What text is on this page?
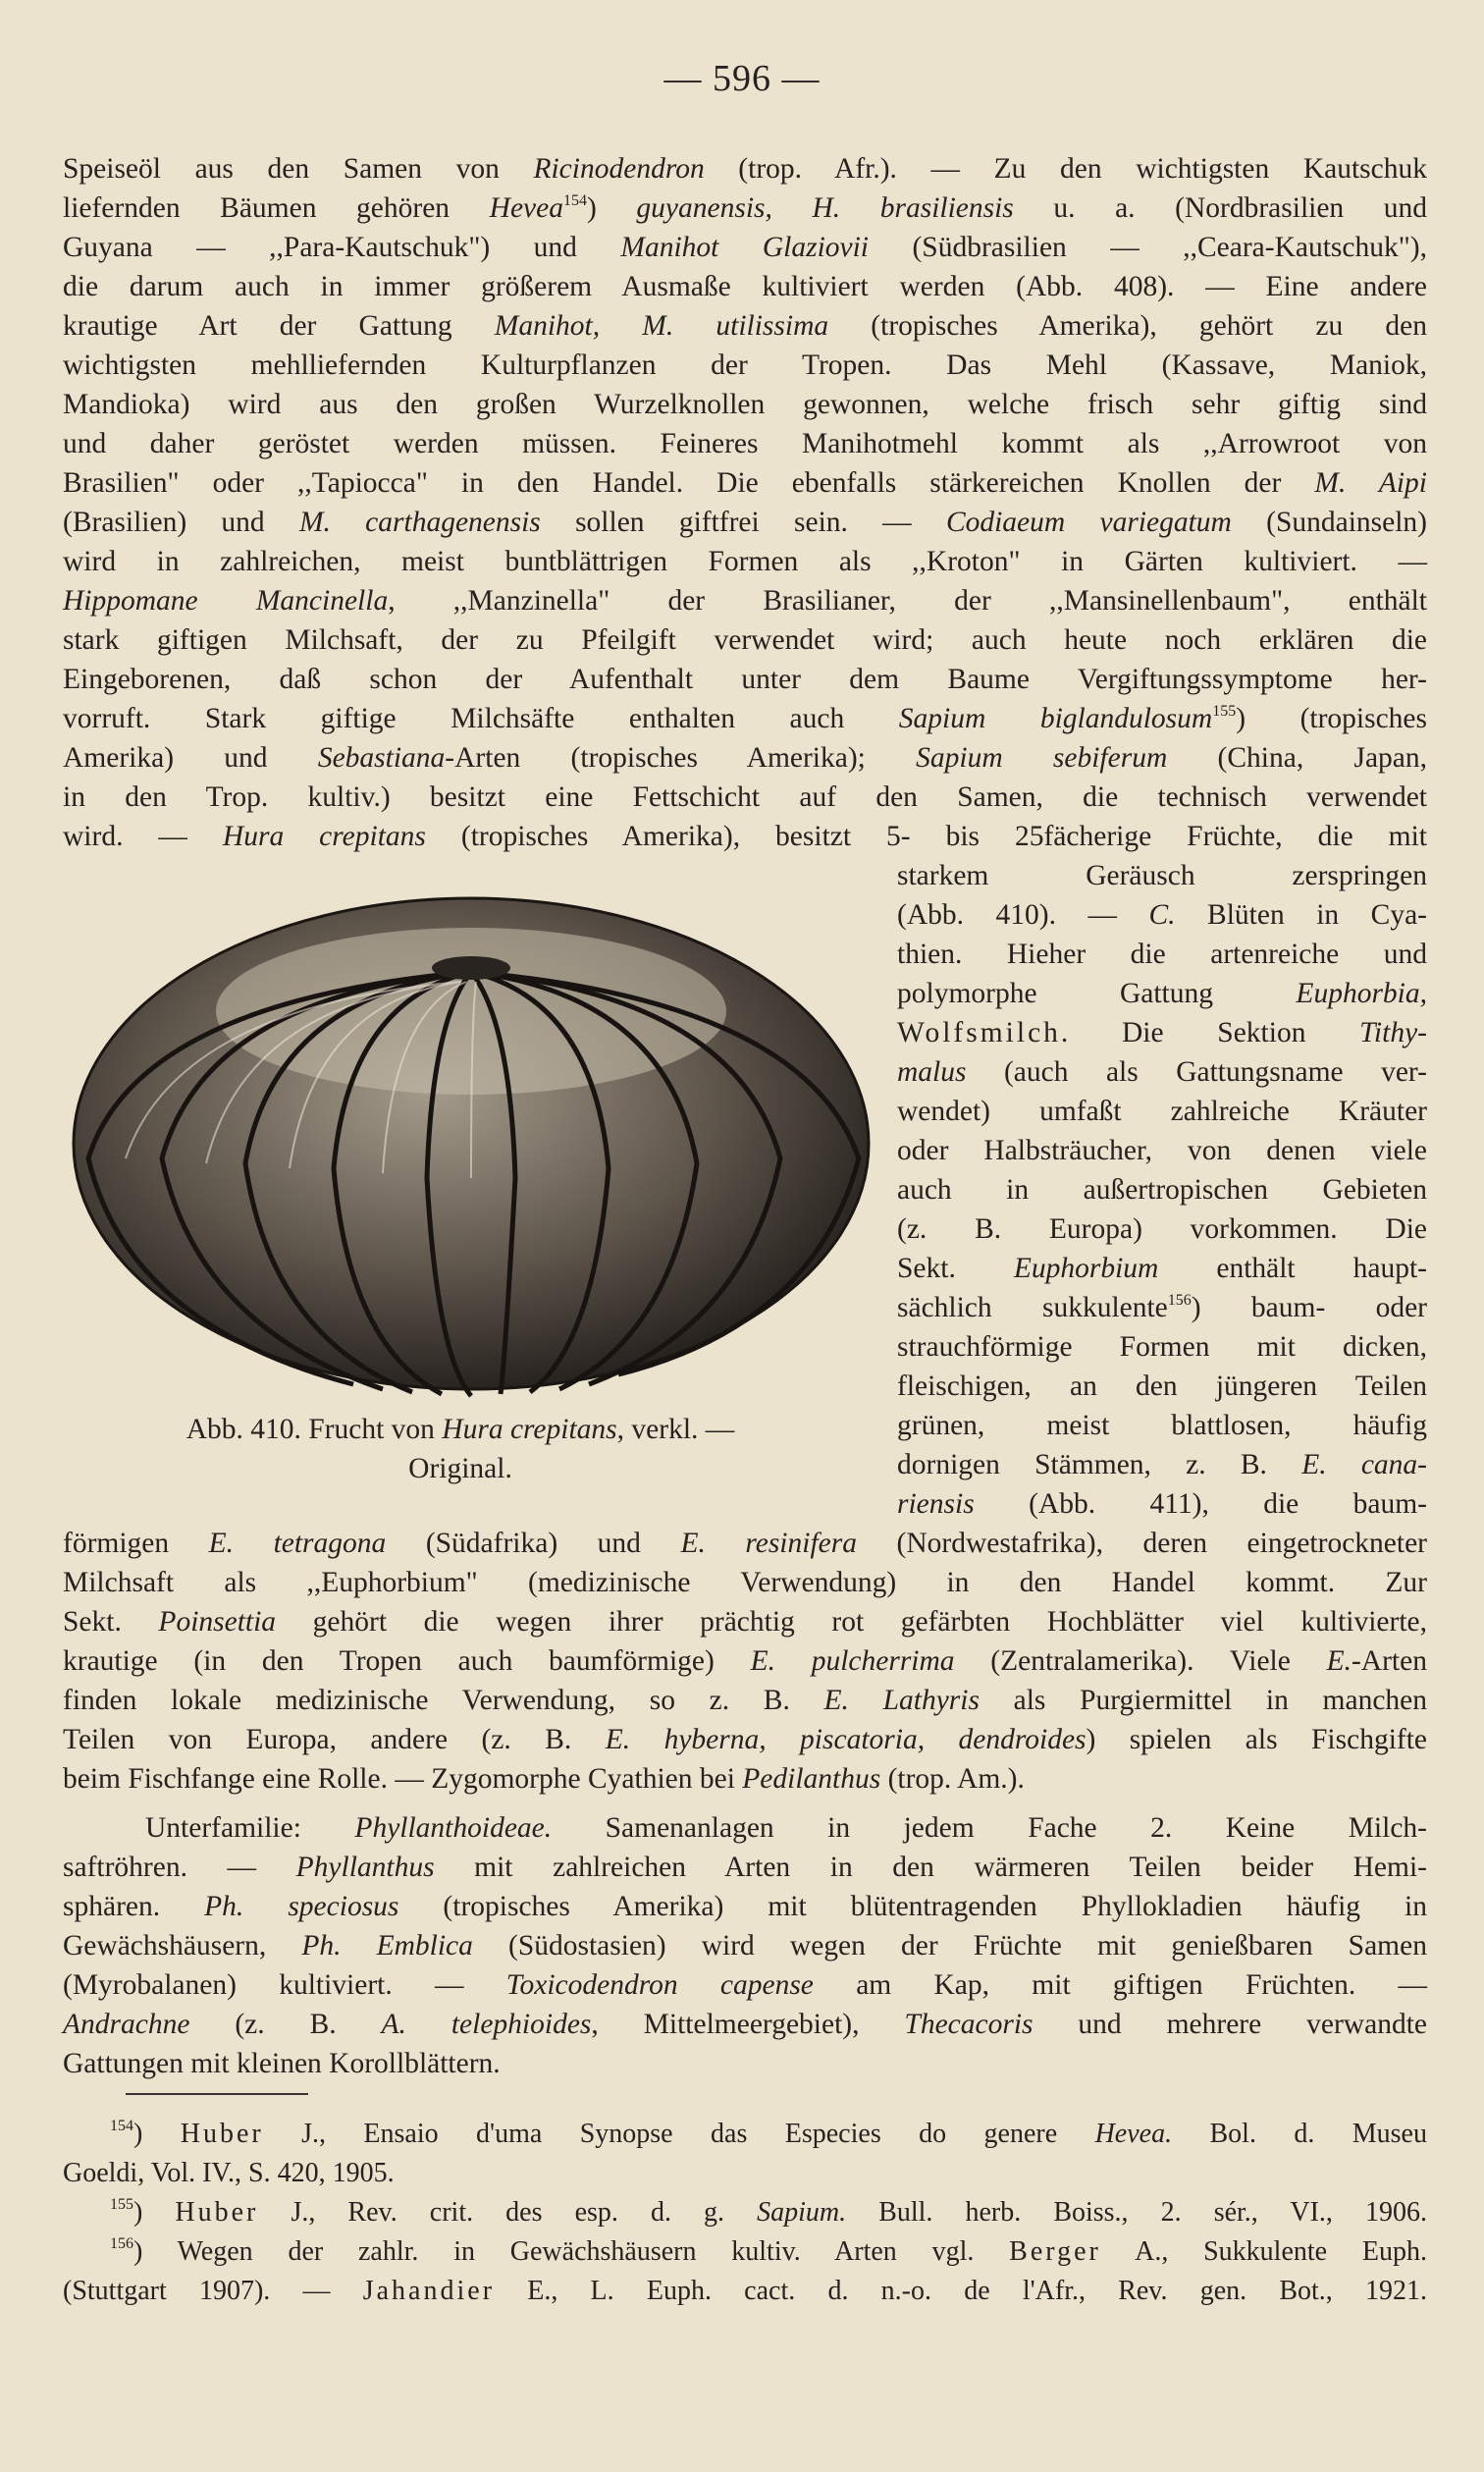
— 596 —
Speiseöl aus den Samen von Ricinodendron (trop. Afr.). — Zu den wichtigsten Kautschuk
liefernden Bäumen gehören Hevea$^{154}$) guyanensis, H. brasiliensis u. a. (Nordbrasilien und
Guyana — ,,Para-Kautschuk") und Manihot Glaziovii (Südbrasilien — ,,Ceara-Kautschuk"),
die darum auch in immer größerem Ausmaße kultiviert werden (Abb. 408). — Eine andere
krautige Art der Gattung Manihot, M. utilissima (tropisches Amerika), gehört zu den
wichtigsten mehlliefernden Kulturpflanzen der Tropen. Das Mehl (Kassave, Maniok,
Mandioka) wird aus den großen Wurzelknollen gewonnen, welche frisch sehr giftig sind
und daher geröstet werden müssen. Feineres Manihotmehl kommt als ,,Arrowroot von
Brasilien" oder ,,Tapiocca" in den Handel. Die ebenfalls stärkereichen Knollen der M. Aipi
(Brasilien) und M. carthagenensis sollen giftfrei sein. — Codiaeum variegatum (Sundainseln)
wird in zahlreichen, meist buntblättrigen Formen als ,,Kroton" in Gärten kultiviert. —
Hippomane Mancinella, ,,Manzinella" der Brasilianer, der ,,Mansinellenbaum", enthält
stark giftigen Milchsaft, der zu Pfeilgift verwendet wird; auch heute noch erklären die
Eingeborenen, daß schon der Aufenthalt unter dem Baume Vergiftungssymptome her-
vorruft. Stark giftige Milchsäfte enthalten auch Sapium biglandulosum$^{155}$) (tropisches
Amerika) und Sebastiana-Arten (tropisches Amerika); Sapium sebiferum (China, Japan,
in den Trop. kultiv.) besitzt eine Fettschicht auf den Samen, die technisch verwendet
wird. — Hura crepitans (tropisches Amerika), besitzt 5- bis 25fächerige Früchte, die mit
starkem Geräusch zerspringen
(Abb. 410). — C. Blüten in Cya-
thien. Hieher die artenreiche und
polymorphe Gattung Euphorbia,
Wolfsmilch. Die Sektion Tithy-
malus (auch als Gattungsname ver-
wendet) umfaßt zahlreiche Kräuter
oder Halbsträucher, von denen viele
auch in außertropischen Gebieten
(z. B. Europa) vorkommen. Die
Sekt. Euphorbium enthält haupt-
sächlich sukkulente$^{156}$) baum- oder
strauchförmige Formen mit dicken,
fleischigen, an den jüngeren Teilen
grünen, meist blattlosen, häufig
dornigen Stämmen, z. B. E. cana-
riensis (Abb. 411), die baum-
Abb. 410. Frucht von Hura crepitans, verkl. —
Original.
förmigen E. tetragona (Südafrika) und E. resinifera (Nordwestafrika), deren eingetrockneter
Milchsaft als ,,Euphorbium" (medizinische Verwendung) in den Handel kommt. Zur
Sekt. Poinsettia gehört die wegen ihrer prächtig rot gefärbten Hochblätter viel kultivierte,
krautige (in den Tropen auch baumförmige) E. pulcherrima (Zentralamerika). Viele E.-Arten
finden lokale medizinische Verwendung, so z. B. E. Lathyris als Purgiermittel in manchen
Teilen von Europa, andere (z. B. E. hyberna, piscatoria, dendroides) spielen als Fischgifte
beim Fischfange eine Rolle. — Zygomorphe Cyathien bei Pedilanthus (trop. Am.).
Unterfamilie: Phyllanthoideae. Samenanlagen in jedem Fache 2. Keine Milch-
saftröhren. — Phyllanthus mit zahlreichen Arten in den wärmeren Teilen beider Hemi-
sphären. Ph. speciosus (tropisches Amerika) mit blütentragenden Phyllokladien häufig in
Gewächshäusern, Ph. Emblica (Südostasien) wird wegen der Früchte mit genießbaren Samen
(Myrobalanen) kultiviert. — Toxicodendron capense am Kap, mit giftigen Früchten. —
Andrachne (z. B. A. telephioides, Mittelmeergebiet), Thecacoris und mehrere verwandte
Gattungen mit kleinen Korollblättern.
$^{154}$) Huber J., Ensaio d'uma Synopse das Especies do genere Hevea. Bol. d. Museu
Goeldi, Vol. IV., S. 420, 1905.
$^{155}$) Huber J., Rev. crit. des esp. d. g. Sapium. Bull. herb. Boiss., 2. sér., VI., 1906.
$^{156}$) Wegen der zahlr. in Gewächshäusern kultiv. Arten vgl. Berger A., Sukkulente Euph.
(Stuttgart 1907). — Jahandier E., L. Euph. cact. d. n.-o. de l'Afr., Rev. gen. Bot., 1921.
